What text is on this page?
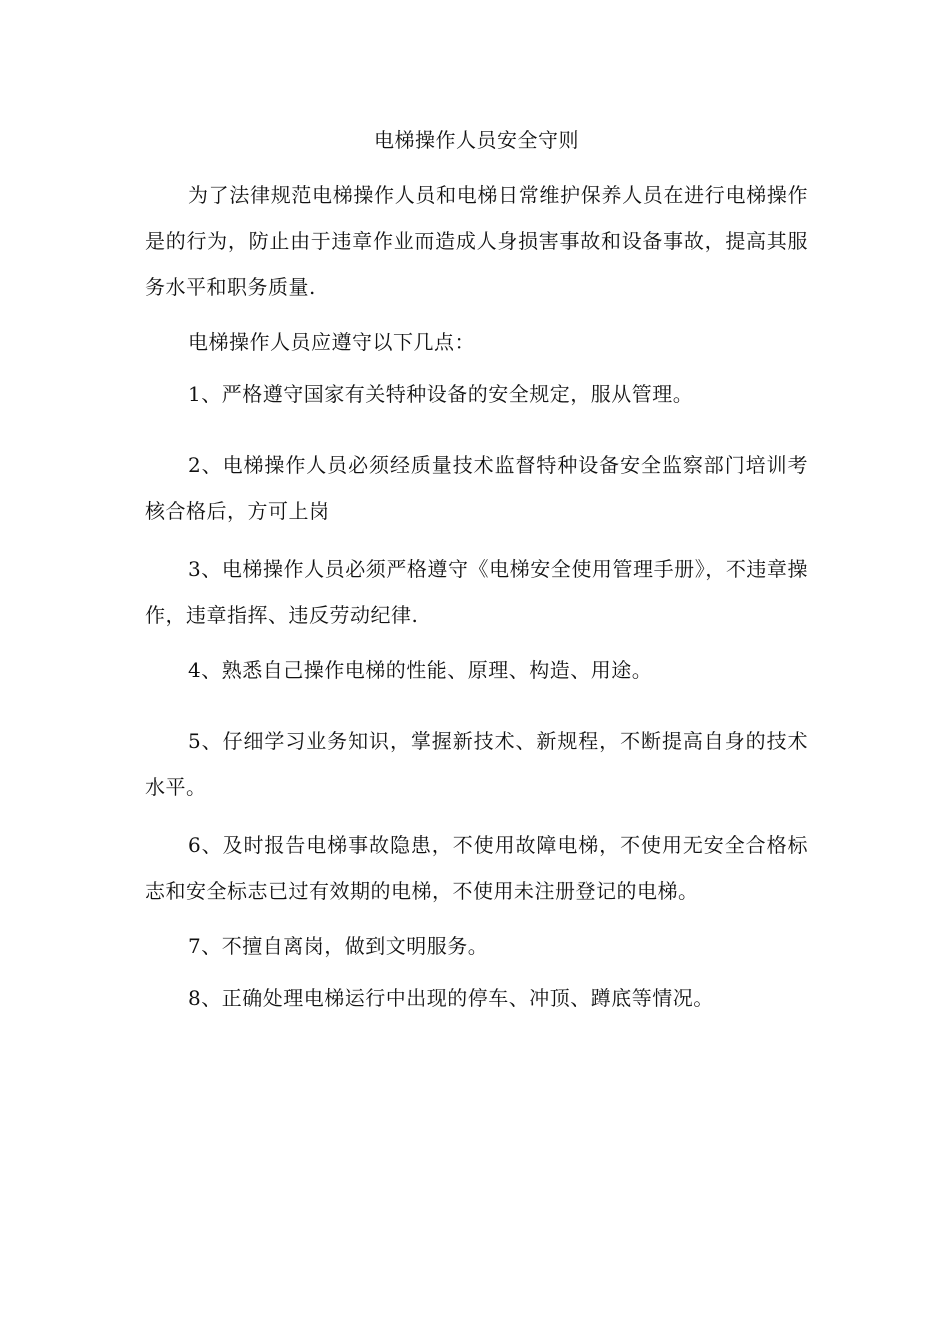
电梯操作人员安全守则

为了法律规范电梯操作人员和电梯日常维护保养人员在进行电梯操作是的行为，防止由于违章作业而造成人身损害事故和设备事故，提高其服务水平和职务质量.

电梯操作人员应遵守以下几点：

1、严格遵守国家有关特种设备的安全规定，服从管理。

2、电梯操作人员必须经质量技术监督特种设备安全监察部门培训考核合格后，方可上岗

3、电梯操作人员必须严格遵守《电梯安全使用管理手册》，不违章操作，违章指挥、违反劳动纪律.

4、熟悉自己操作电梯的性能、原理、构造、用途。

5、仔细学习业务知识，掌握新技术、新规程，不断提高自身的技术水平。

6、及时报告电梯事故隐患，不使用故障电梯，不使用无安全合格标志和安全标志已过有效期的电梯，不使用未注册登记的电梯。

7、不擅自离岗，做到文明服务。

8、正确处理电梯运行中出现的停车、冲顶、蹲底等情况。
